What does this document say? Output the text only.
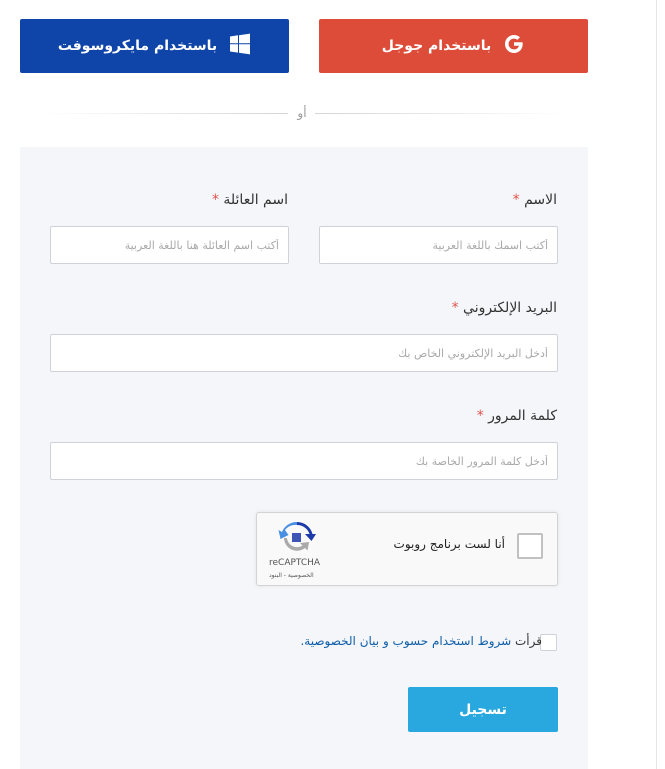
باستخدام جوجل
باستخدام مايكروسوفت
أو
الاسم *
أكتب اسمك باللغة العربية
اسم العائلة *
أكتب اسم العائلة هنا باللغة العربية
البريد الإلكتروني *
أدخل البريد الإلكتروني الخاص بك
كلمة المرور *
أنا لست برنامج روبوت
reCAPTCHA
الخصوصية - البنود
قرأت شروط استخدام حسوب و بيان الخصوصية.
تسجيل
